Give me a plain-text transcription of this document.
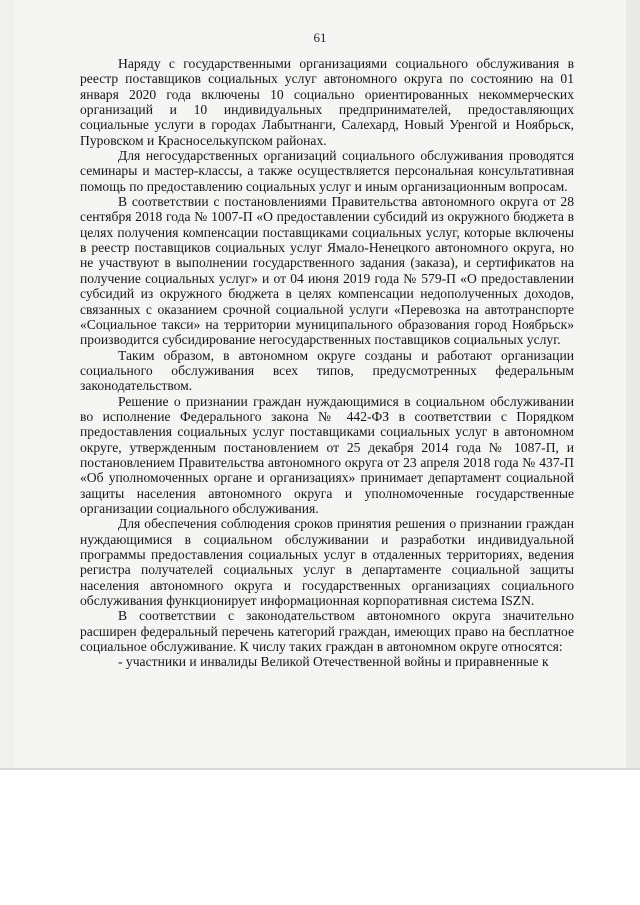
61

Наряду с государственными организациями социального обслуживания в реестр поставщиков социальных услуг автономного округа по состоянию на 01 января 2020 года включены 10 социально ориентированных некоммерческих организаций и 10 индивидуальных предпринимателей, предоставляющих социальные услуги в городах Лабытнанги, Салехард, Новый Уренгой и Ноябрьск, Пуровском и Красноселькупском районах.

Для негосударственных организаций социального обслуживания проводятся семинары и мастер-классы, а также осуществляется персональная консультативная помощь по предоставлению социальных услуг и иным организационным вопросам.

В соответствии с постановлениями Правительства автономного округа от 28 сентября 2018 года № 1007-П «О предоставлении субсидий из окружного бюджета в целях получения компенсации поставщиками социальных услуг, которые включены в реестр поставщиков социальных услуг Ямало-Ненецкого автономного округа, но не участвуют в выполнении государственного задания (заказа), и сертификатов на получение социальных услуг» и от 04 июня 2019 года № 579-П «О предоставлении субсидий из окружного бюджета в целях компенсации недополученных доходов, связанных с оказанием срочной социальной услуги «Перевозка на автотранспорте «Социальное такси» на территории муниципального образования город Ноябрьск» производится субсидирование негосударственных поставщиков социальных услуг.

Таким образом, в автономном округе созданы и работают организации социального обслуживания всех типов, предусмотренных федеральным законодательством.

Решение о признании граждан нуждающимися в социальном обслуживании во исполнение Федерального закона № 442-ФЗ в соответствии с Порядком предоставления социальных услуг поставщиками социальных услуг в автономном округе, утвержденным постановлением от 25 декабря 2014 года № 1087-П, и постановлением Правительства автономного округа от 23 апреля 2018 года № 437-П «Об уполномоченных органе и организациях» принимает департамент социальной защиты населения автономного округа и уполномоченные государственные организации социального обслуживания.

Для обеспечения соблюдения сроков принятия решения о признании граждан нуждающимися в социальном обслуживании и разработки индивидуальной программы предоставления социальных услуг в отдаленных территориях, ведения регистра получателей социальных услуг в департаменте социальной защиты населения автономного округа и государственных организациях социального обслуживания функционирует информационная корпоративная система ISZN.

В соответствии с законодательством автономного округа значительно расширен федеральный перечень категорий граждан, имеющих право на бесплатное социальное обслуживание. К числу таких граждан в автономном округе относятся:

- участники и инвалиды Великой Отечественной войны и приравненные к
